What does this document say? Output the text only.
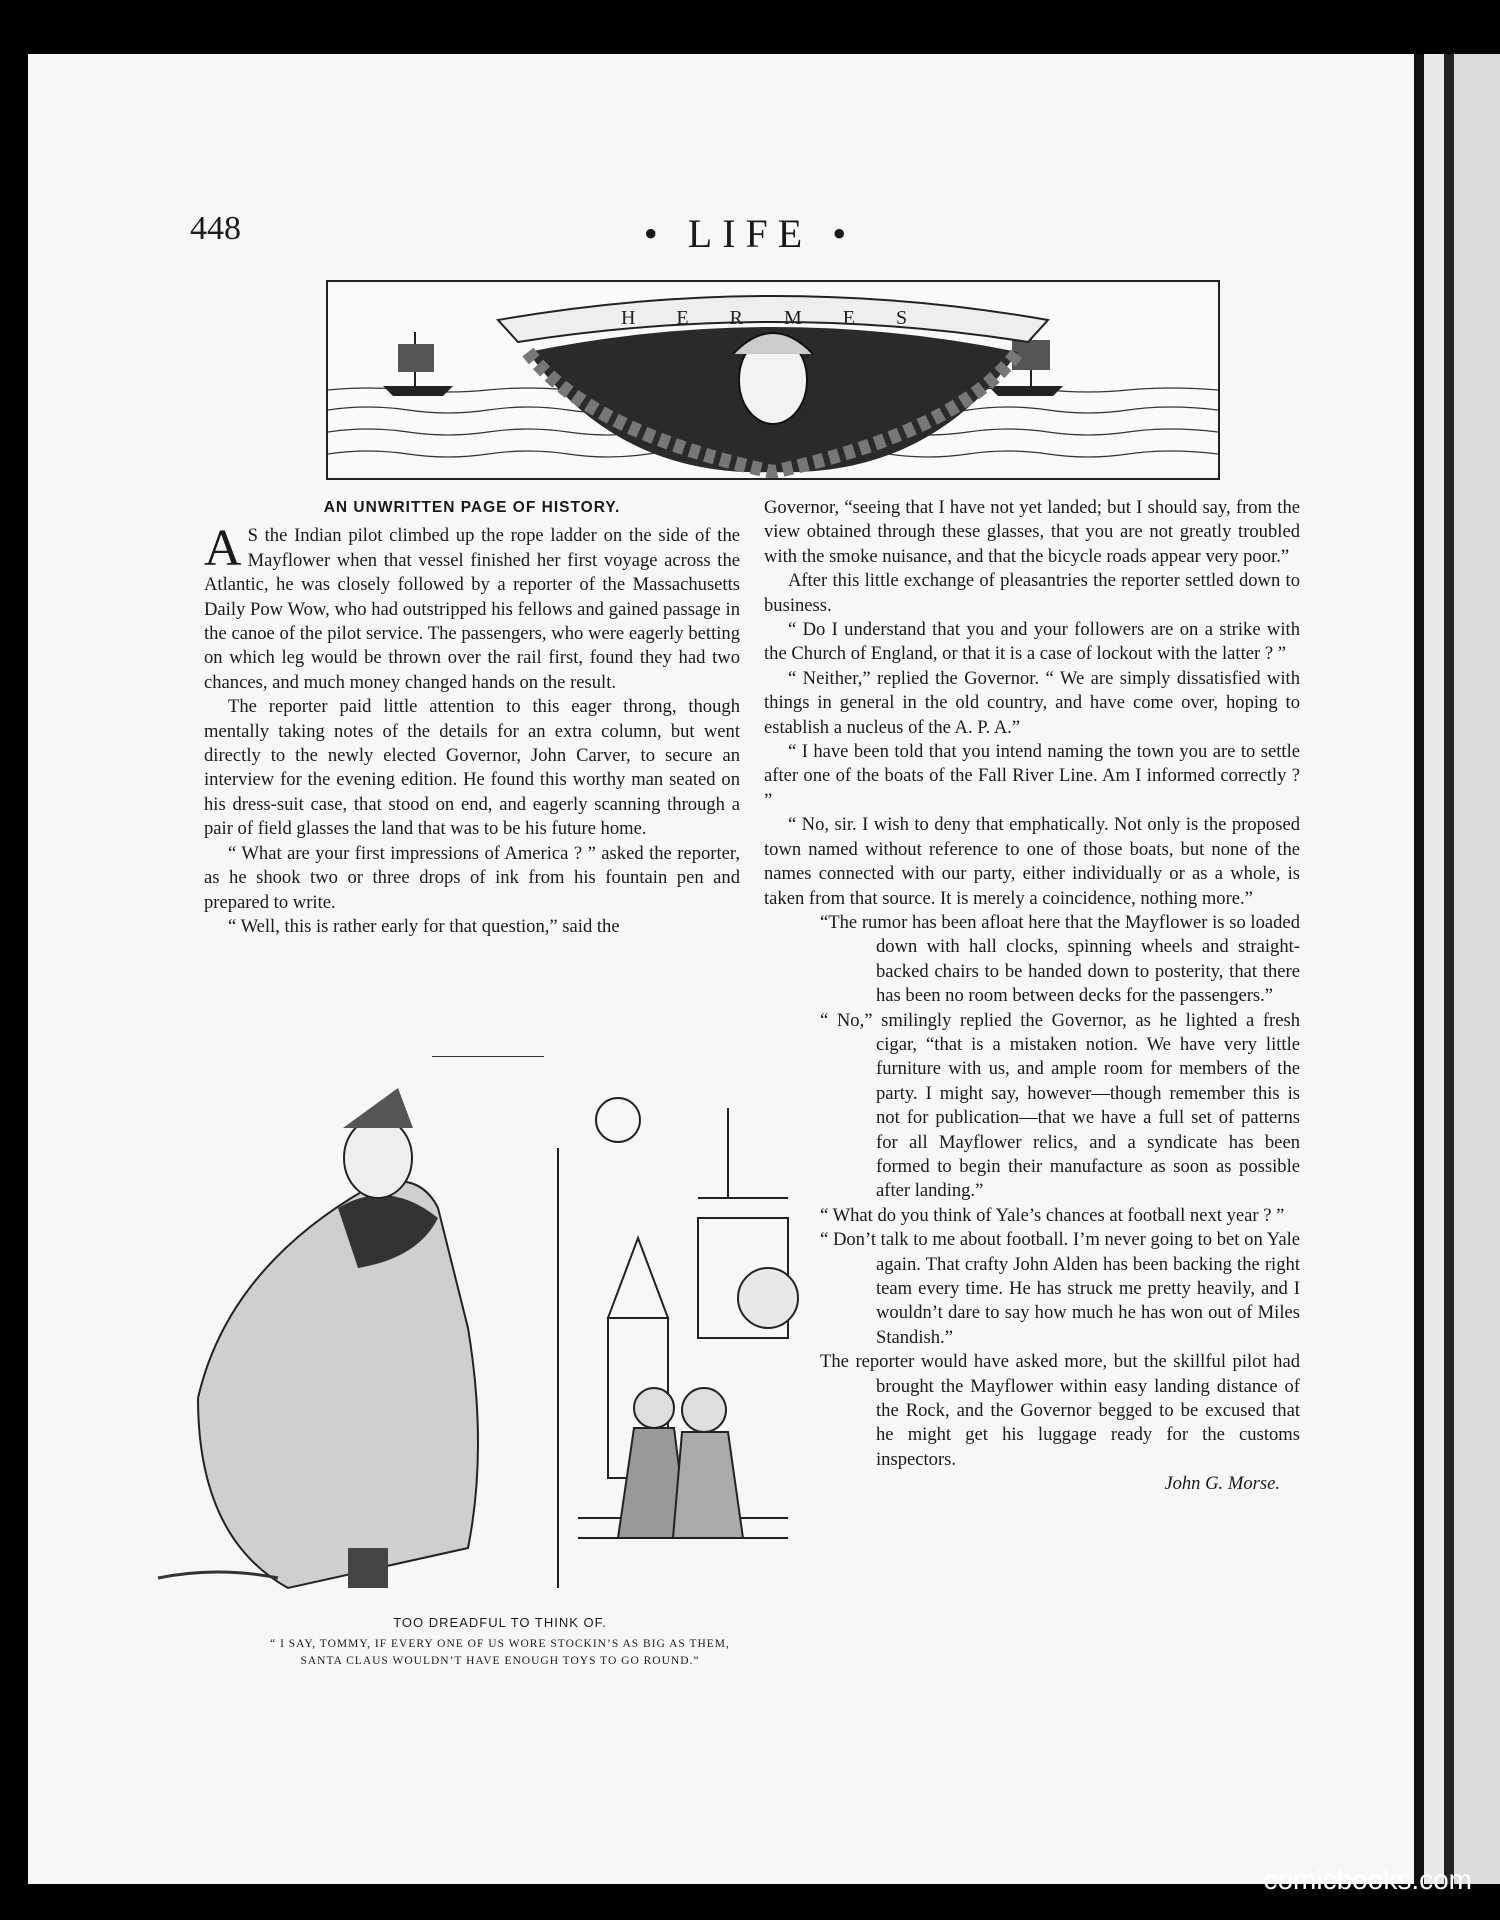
448	• LIFE •

H E R M E S
AN UNWRITTEN PAGE OF HISTORY.

A S the Indian pilot climbed up the rope ladder on the side of the Mayflower when that vessel finished her first voyage across the Atlantic, he was closely followed by a reporter of the Massachusetts Daily Pow Wow, who had outstripped his fellows and gained passage in the canoe of the pilot service. The passengers, who were eagerly betting on which leg would be thrown over the rail first, found they had two chances, and much money changed hands on the result.

The reporter paid little attention to this eager throng, though mentally taking notes of the details for an extra column, but went directly to the newly elected Governor, John Carver, to secure an interview for the evening edition. He found this worthy man seated on his dress-suit case, that stood on end, and eagerly scanning through a pair of field glasses the land that was to be his future home.

“ What are your first impressions of America ? ” asked the reporter, as he shook two or three drops of ink from his fountain pen and prepared to write.

“ Well, this is rather early for that question,” said the

Governor, “seeing that I have not yet landed; but I should say, from the view obtained through these glasses, that you are not greatly troubled with the smoke nuisance, and that the bicycle roads appear very poor.”

After this little exchange of pleasantries the reporter settled down to business.

“ Do I understand that you and your followers are on a strike with the Church of England, or that it is a case of lockout with the latter ? ”

“ Neither,” replied the Governor. “ We are simply dissatisfied with things in general in the old country, and have come over, hoping to establish a nucleus of the A. P. A.”

“ I have been told that you intend naming the town you are to settle after one of the boats of the Fall River Line. Am I informed correctly ? ”

“ No, sir. I wish to deny that emphatically. Not only is the proposed town named without reference to one of those boats, but none of the names connected with our party, either individually or as a whole, is taken from that source. It is merely a coincidence, nothing more.”

“The rumor has been afloat here that the Mayflower is so loaded down with hall clocks, spinning wheels and straight-backed chairs to be handed down to posterity, that there has been no room between decks for the passengers.”

“ No,” smilingly replied the Governor, as he lighted a fresh cigar, “that is a mistaken notion. We have very little furniture with us, and ample room for members of the party. I might say, however—though remember this is not for publication—that we have a full set of patterns for all Mayflower relics, and a syndicate has been formed to begin their manufacture as soon as possible after landing.”

“ What do you think of Yale’s chances at football next year ? ”

“ Don’t talk to me about football. I’m never going to bet on Yale again. That crafty John Alden has been backing the right team every time. He has struck me pretty heavily, and I wouldn’t dare to say how much he has won out of Miles Standish.”

The reporter would have asked more, but the skillful pilot had brought the Mayflower within easy landing distance of the Rock, and the Governor begged to be excused that he might get his luggage ready for the customs inspectors.

John G. Morse.

TOO DREADFUL TO THINK OF.

“ I SAY, TOMMY, IF EVERY ONE OF US WORE STOCKIN’S AS BIG AS THEM,
SANTA CLAUS WOULDN’T HAVE ENOUGH TOYS TO GO ROUND.”

comicbooks.com
